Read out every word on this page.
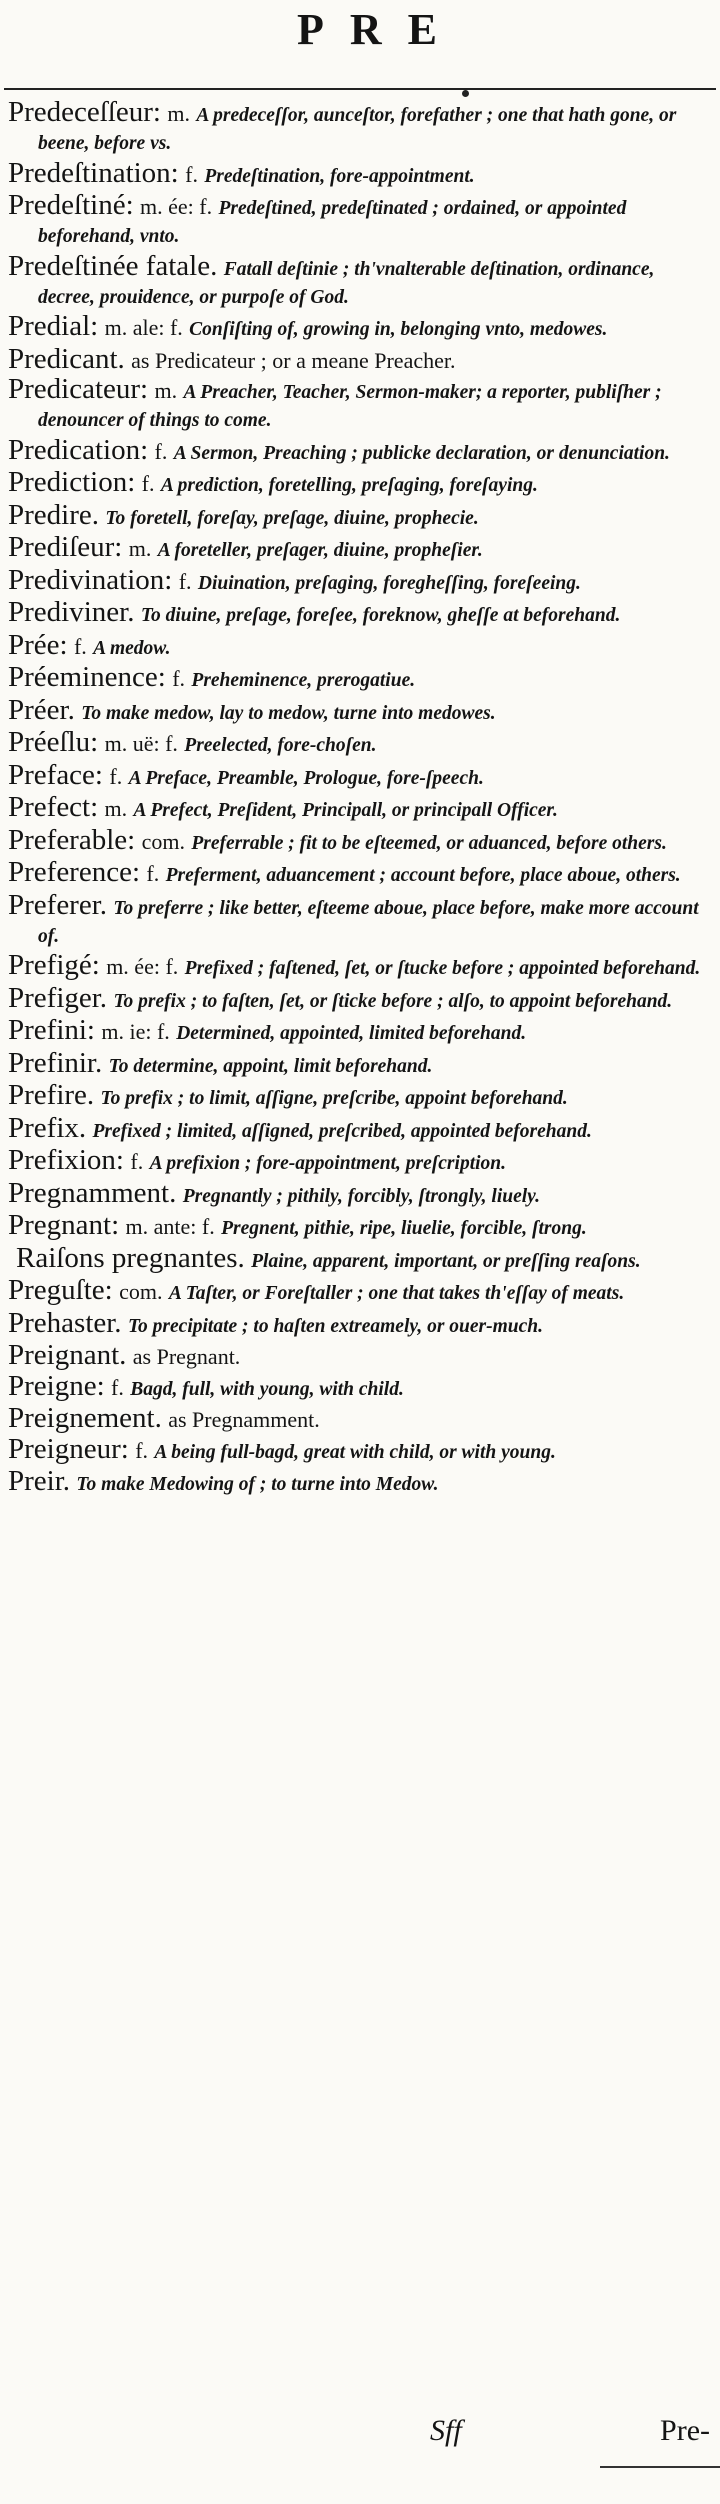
PRE
Predeceſſeur: m. A predeceſſor, aunceſtor, forefather ; one that hath gone, or beene, before vs.
Predeſtination: f. Predeſtination, fore-appointment.
Predeſtiné: m. ée: f. Predeſtined, predeſtinated ; ordained, or appointed beforehand, vnto.
Predeſtinée fatale. Fatall deſtinie ; th'vnalterable deſtination, ordinance, decree, prouidence, or purpoſe of God.
Predial: m. ale: f. Conſiſting of, growing in, belonging vnto, medowes.
Predicant. as Predicateur ; or a meane Preacher.
Predicateur: m. A Preacher, Teacher, Sermon-maker; a reporter, publiſher ; denouncer of things to come.
Predication: f. A Sermon, Preaching ; publicke declaration, or denunciation.
Prediction: f. A prediction, foretelling, preſaging, foreſaying.
Predire. To foretell, foreſay, preſage, diuine, prophecie.
Prediſeur: m. A foreteller, preſager, diuine, propheſier.
Predivination: f. Diuination, preſaging, foregheſſing, foreſeeing.
Prediviner. To diuine, preſage, foreſee, foreknow, gheſſe at beforehand.
Prée: f. A medow.
Préeminence: f. Preheminence, prerogatiue.
Préer. To make medow, lay to medow, turne into medowes.
Préeſlu: m. uë: f. Preelected, fore-choſen.
Preface: f. A Preface, Preamble, Prologue, fore-ſpeech.
Prefect: m. A Prefect, Preſident, Principall, or principall Officer.
Preferable: com. Preferrable ; fit to be eſteemed, or aduanced, before others.
Preference: f. Preferment, aduancement ; account before, place aboue, others.
Preferer. To preferre ; like better, eſteeme aboue, place before, make more account of.
Prefigé: m. ée: f. Prefixed ; faſtened, ſet, or ſtucke before ; appointed beforehand.
Prefiger. To prefix ; to faſten, ſet, or ſticke before ; alſo, to appoint beforehand.
Prefini: m. ie: f. Determined, appointed, limited beforehand.
Prefinir. To determine, appoint, limit beforehand.
Prefire. To prefix ; to limit, aſſigne, preſcribe, appoint beforehand.
Prefix. Prefixed ; limited, aſſigned, preſcribed, appointed beforehand.
Prefixion: f. A prefixion ; fore-appointment, preſcription.
Pregnamment. Pregnantly ; pithily, forcibly, ſtrongly, liuely.
Pregnant: m. ante: f. Pregnent, pithie, ripe, liuelie, forcible, ſtrong.
Raiſons pregnantes. Plaine, apparent, important, or preſſing reaſons.
Preguſte: com. A Taſter, or Foreſtaller ; one that takes th'eſſay of meats.
Prehaster. To precipitate ; to haſten extreamely, or ouer-much.
Preignant. as Pregnant.
Preigne: f. Bagd, full, with young, with child.
Preignement. as Pregnamment.
Preigneur: f. A being full-bagd, great with child, or with young.
Preir. To make Medowing of ; to turne into Medow.
Sff	Pre-
